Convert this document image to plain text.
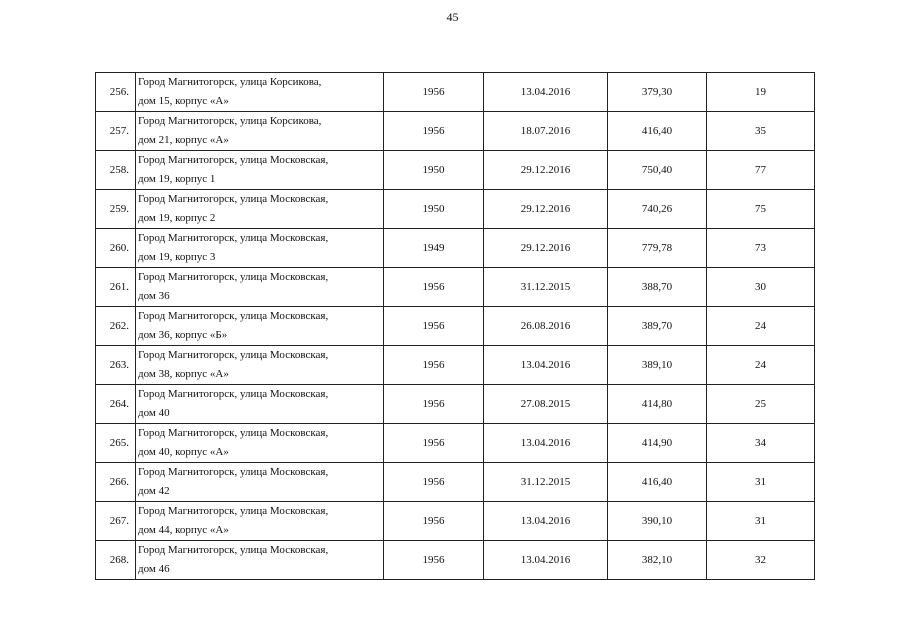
45
256.	Город Магнитогорск, улица Корсикова,
дом 15, корпус «А»	1956	13.04.2016	379,30	19
257.	Город Магнитогорск, улица Корсикова,
дом 21, корпус «А»	1956	18.07.2016	416,40	35
258.	Город Магнитогорск, улица Московская,
дом 19, корпус 1	1950	29.12.2016	750,40	77
259.	Город Магнитогорск, улица Московская,
дом 19, корпус 2	1950	29.12.2016	740,26	75
260.	Город Магнитогорск, улица Московская,
дом 19, корпус 3	1949	29.12.2016	779,78	73
261.	Город Магнитогорск, улица Московская,
дом 36	1956	31.12.2015	388,70	30
262.	Город Магнитогорск, улица Московская,
дом 36, корпус «Б»	1956	26.08.2016	389,70	24
263.	Город Магнитогорск, улица Московская,
дом 38, корпус «А»	1956	13.04.2016	389,10	24
264.	Город Магнитогорск, улица Московская,
дом 40	1956	27.08.2015	414,80	25
265.	Город Магнитогорск, улица Московская,
дом 40, корпус «А»	1956	13.04.2016	414,90	34
266.	Город Магнитогорск, улица Московская,
дом 42	1956	31.12.2015	416,40	31
267.	Город Магнитогорск, улица Московская,
дом 44, корпус «А»	1956	13.04.2016	390,10	31
268.	Город Магнитогорск, улица Московская,
дом 46	1956	13.04.2016	382,10	32
